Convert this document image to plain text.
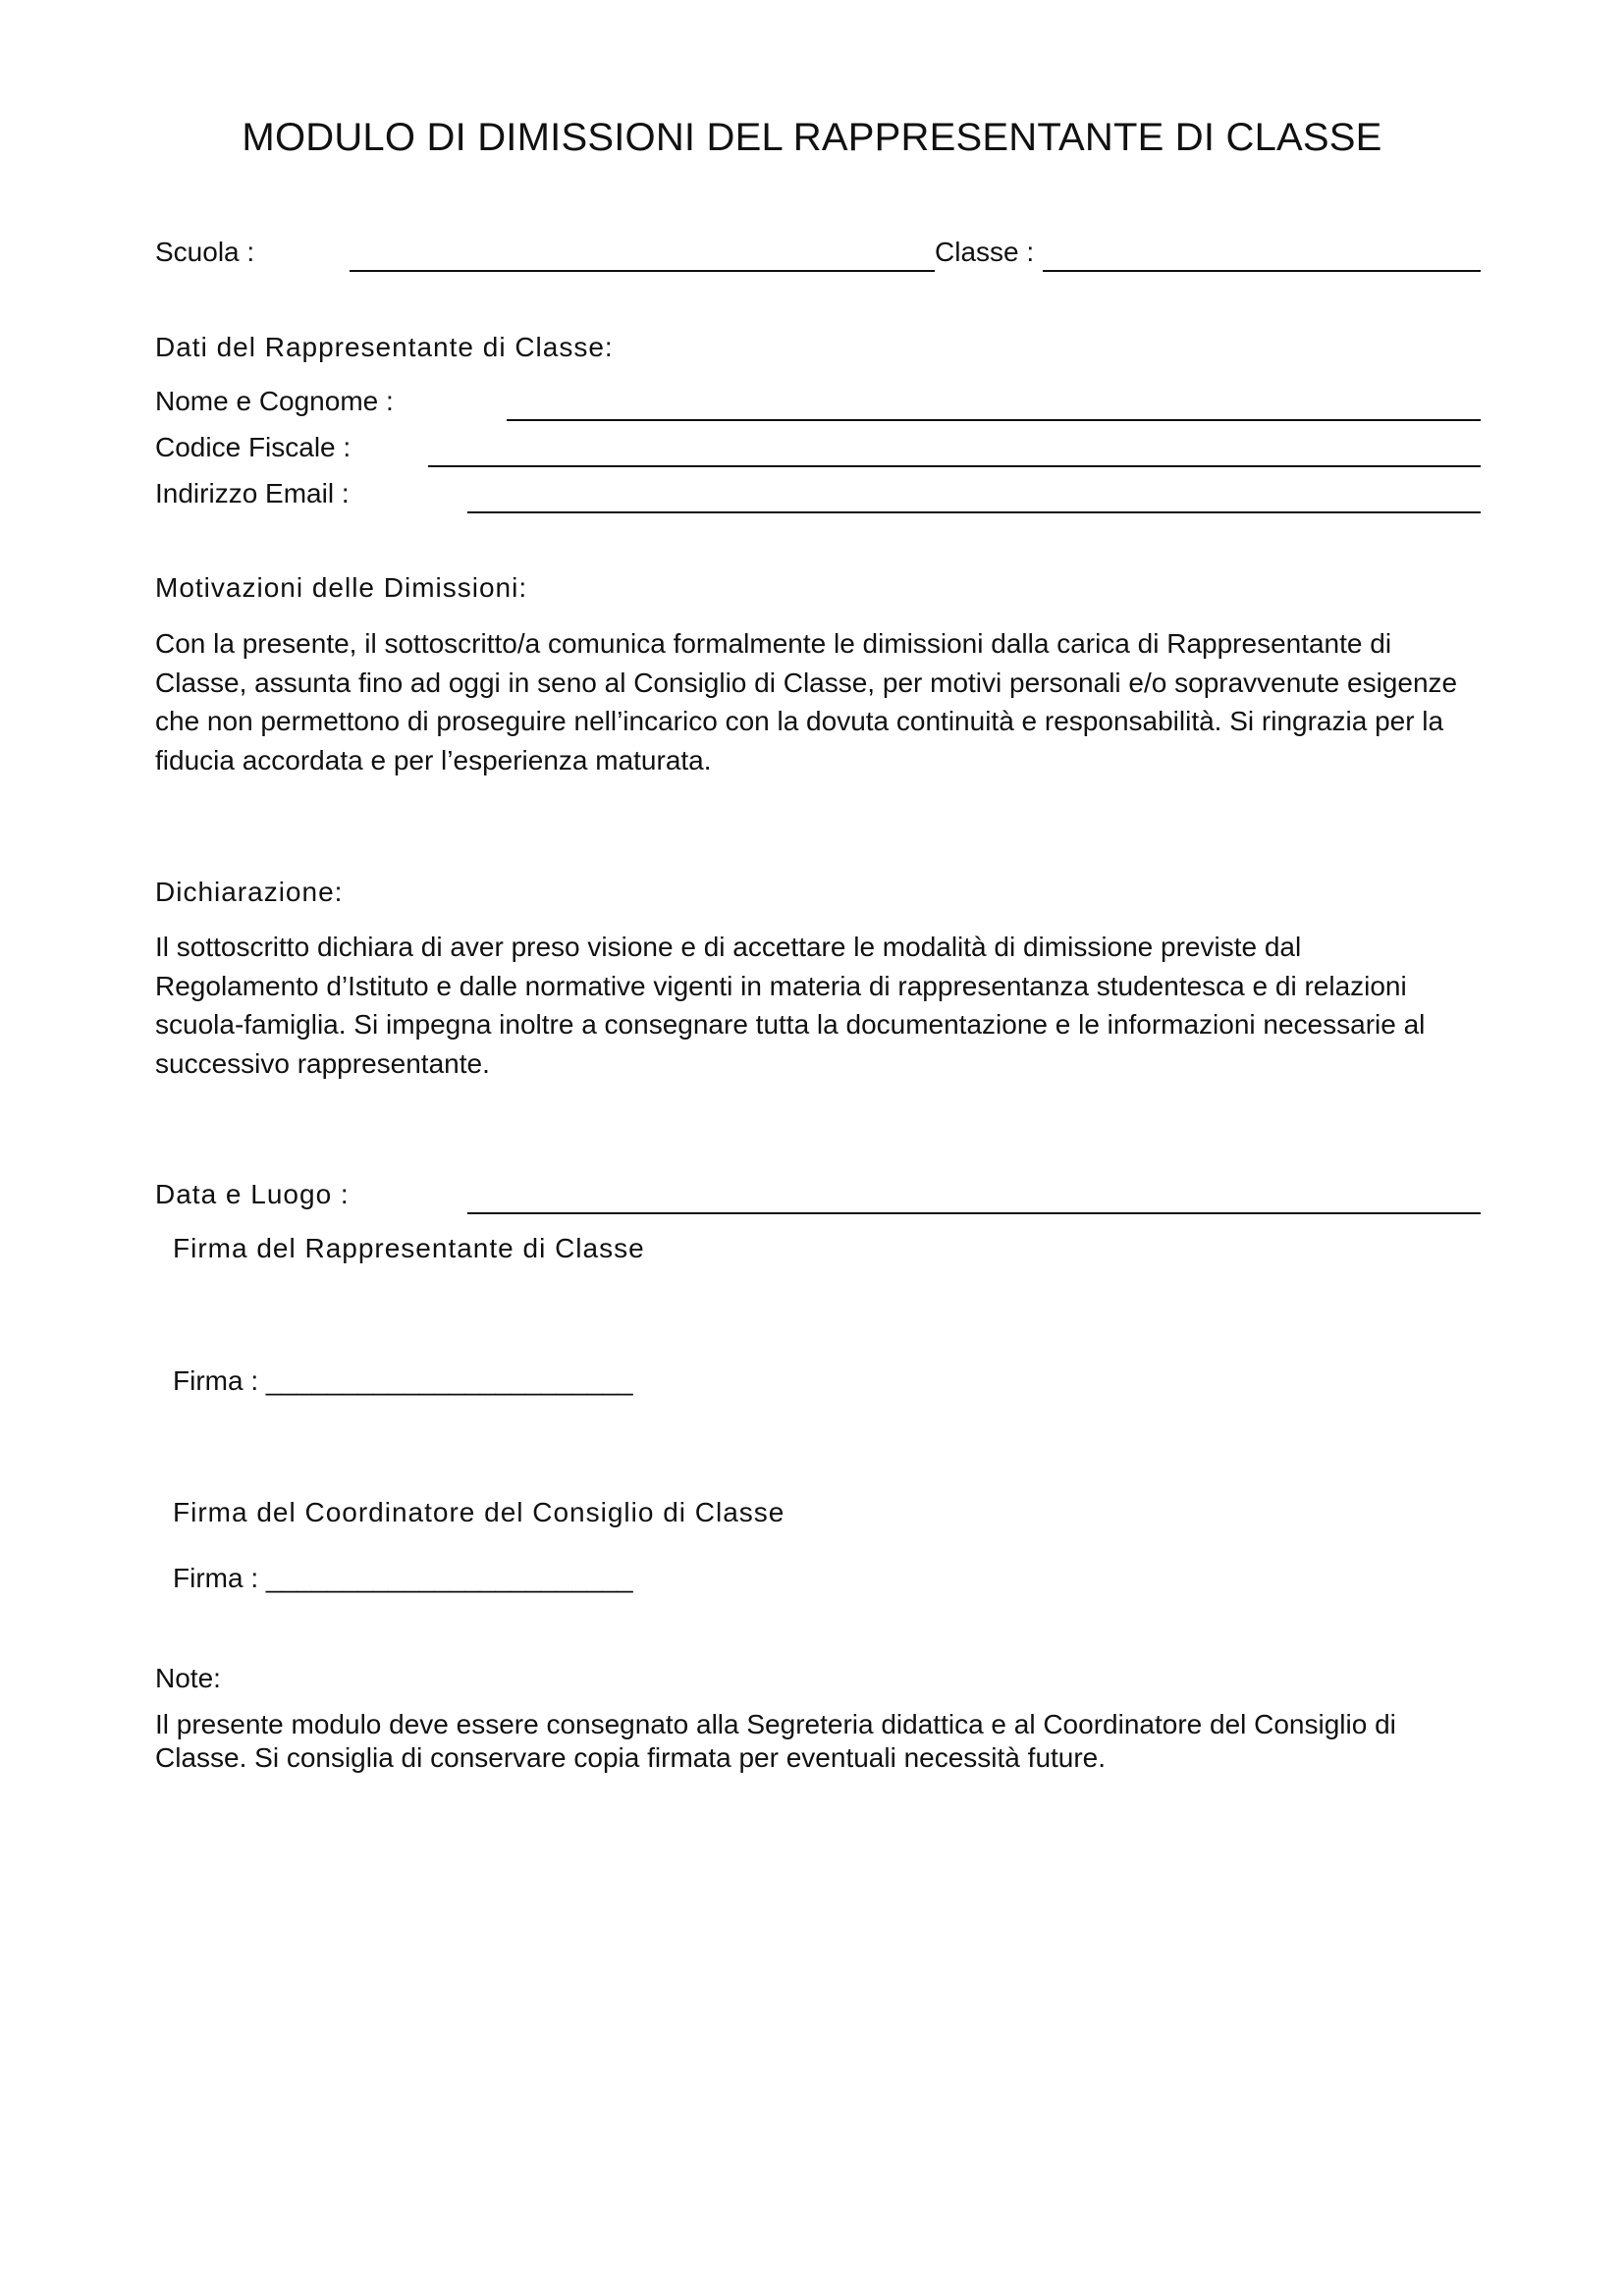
MODULO DI DIMISSIONI DEL RAPPRESENTANTE DI CLASSE
Scuola :	Classe :
Dati del Rappresentante di Classe:
Nome e Cognome :
Codice Fiscale :
Indirizzo Email :
Motivazioni delle Dimissioni:
Con la presente, il sottoscritto/a comunica formalmente le dimissioni dalla carica di Rappresentante di Classe, assunta fino ad oggi in seno al Consiglio di Classe, per motivi personali e/o sopravvenute esigenze che non permettono di proseguire nell’incarico con la dovuta continuità e responsabilità. Si ringrazia per la fiducia accordata e per l’esperienza maturata.
Dichiarazione:
Il sottoscritto dichiara di aver preso visione e di accettare le modalità di dimissione previste dal Regolamento d’Istituto e dalle normative vigenti in materia di rappresentanza studentesca e di relazioni scuola-famiglia. Si impegna inoltre a consegnare tutta la documentazione e le informazioni necessarie al successivo rappresentante.
Data e Luogo :
Firma del Rappresentante di Classe
Firma : ________________________
Firma del Coordinatore del Consiglio di Classe
Firma : ________________________
Note:
Il presente modulo deve essere consegnato alla Segreteria didattica e al Coordinatore del Consiglio di Classe. Si consiglia di conservare copia firmata per eventuali necessità future.
